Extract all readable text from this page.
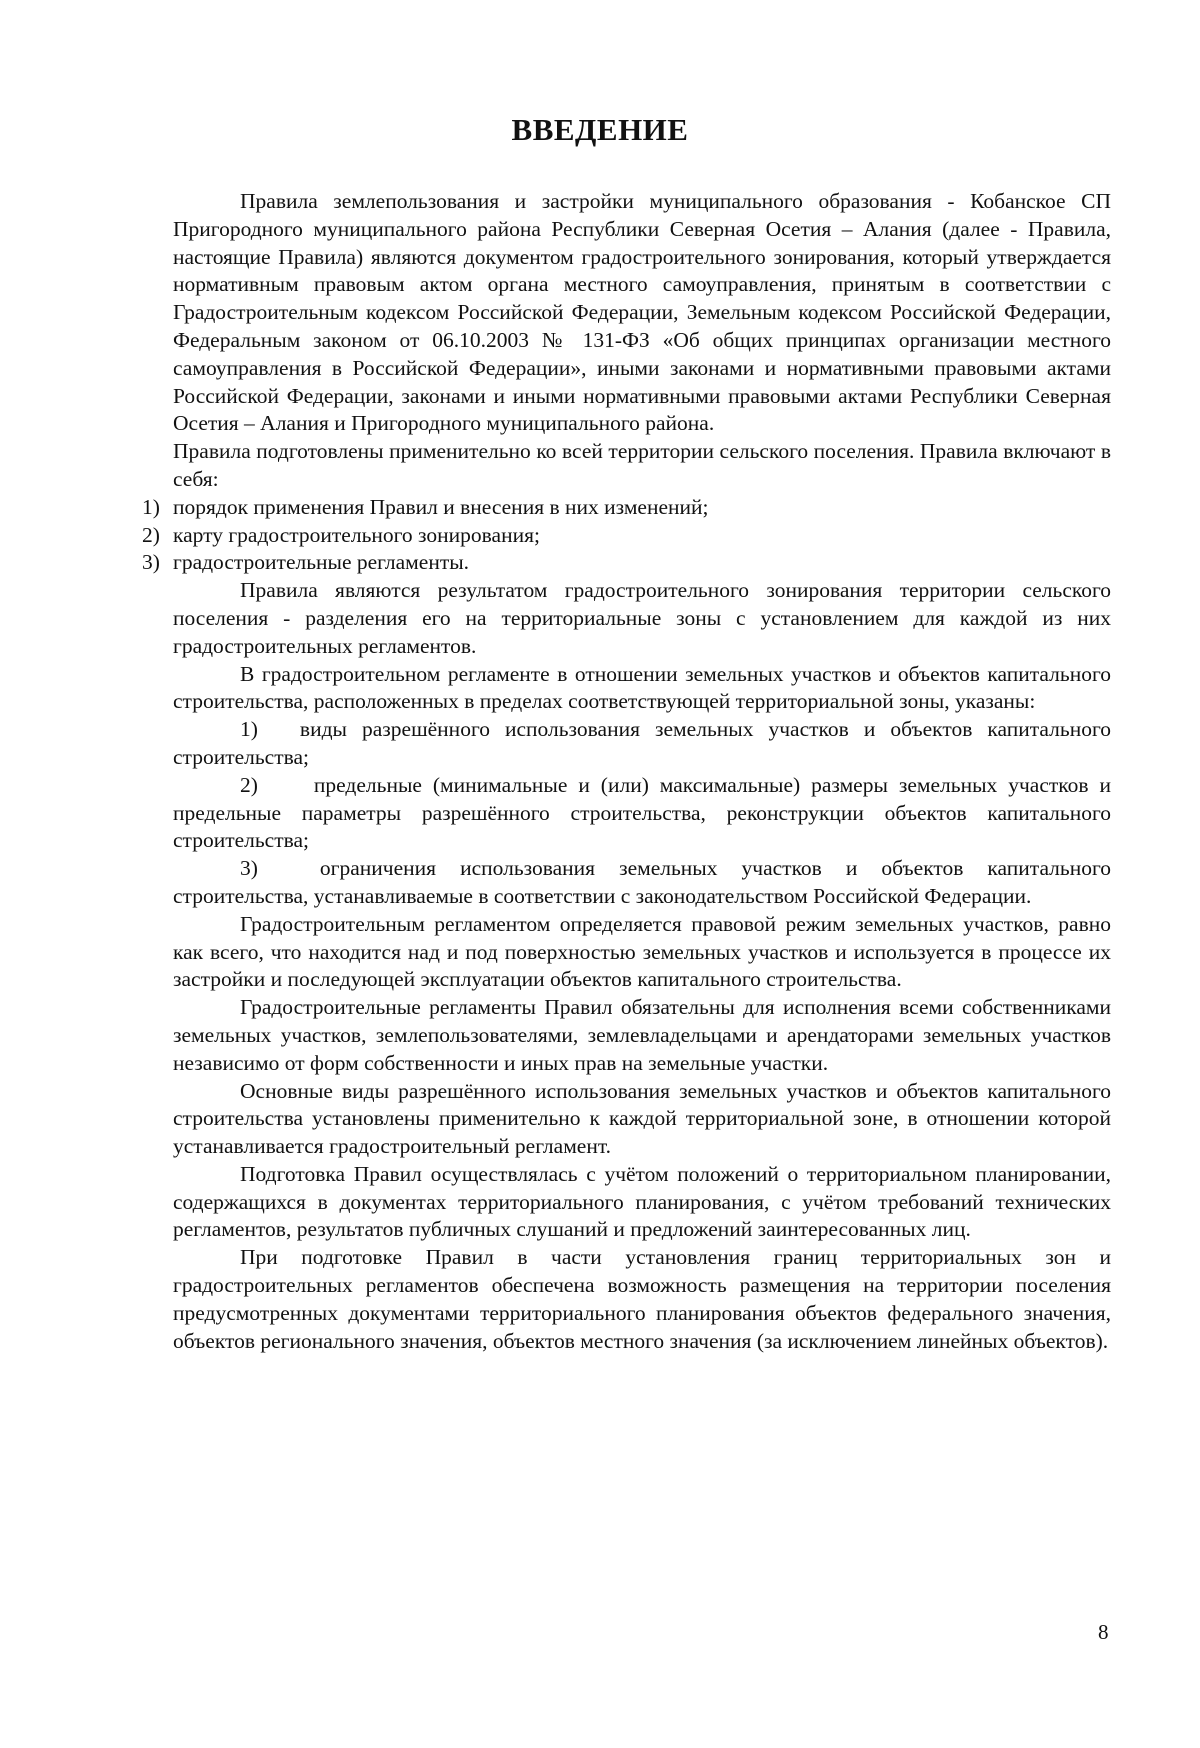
ВВЕДЕНИЕ

Правила землепользования и застройки муниципального образования - Кобанское СП Пригородного муниципального района Республики Северная Осетия – Алания (далее - Правила, настоящие Правила) являются документом градостроительного зонирования, который утверждается нормативным правовым актом органа местного самоуправления, принятым в соответствии с Градостроительным кодексом Российской Федерации, Земельным кодексом Российской Федерации, Федеральным законом от 06.10.2003 № 131-ФЗ «Об общих принципах организации местного самоуправления в Российской Федерации», иными законами и нормативными правовыми актами Российской Федерации, законами и иными нормативными правовыми актами Республики Северная Осетия – Алания и Пригородного муниципального района.

Правила подготовлены применительно ко всей территории сельского поселения. Правила включают в себя:

1) порядок применения Правил и внесения в них изменений;
2) карту градостроительного зонирования;
3) градостроительные регламенты.

Правила являются результатом градостроительного зонирования территории сельского поселения - разделения его на территориальные зоны с установлением для каждой из них градостроительных регламентов.

В градостроительном регламенте в отношении земельных участков и объектов капитального строительства, расположенных в пределах соответствующей территориальной зоны, указаны:

1) виды разрешённого использования земельных участков и объектов капитального строительства;

2)	предельные (минимальные и (или) максимальные) размеры земельных участков и предельные параметры разрешённого строительства, реконструкции объектов капитального строительства;

3)	ограничения использования земельных участков и объектов капитального строительства, устанавливаемые в соответствии с законодательством Российской Федерации.

Градостроительным регламентом определяется правовой режим земельных участков, равно как всего, что находится над и под поверхностью земельных участков и используется в процессе их застройки и последующей эксплуатации объектов капитального строительства.

Градостроительные регламенты Правил обязательны для исполнения всеми собственниками земельных участков, землепользователями, землевладельцами и арендаторами земельных участков независимо от форм собственности и иных прав на земельные участки.

Основные виды разрешённого использования земельных участков и объектов капитального строительства установлены применительно к каждой территориальной зоне, в отношении которой устанавливается градостроительный регламент.

Подготовка Правил осуществлялась с учётом положений о территориальном планировании, содержащихся в документах территориального планирования, с учётом требований технических регламентов, результатов публичных слушаний и предложений заинтересованных лиц.

При подготовке Правил в части установления границ территориальных зон и градостроительных регламентов обеспечена возможность размещения на территории поселения предусмотренных документами территориального планирования объектов федерального значения, объектов регионального значения, объектов местного значения (за исключением линейных объектов).

8
